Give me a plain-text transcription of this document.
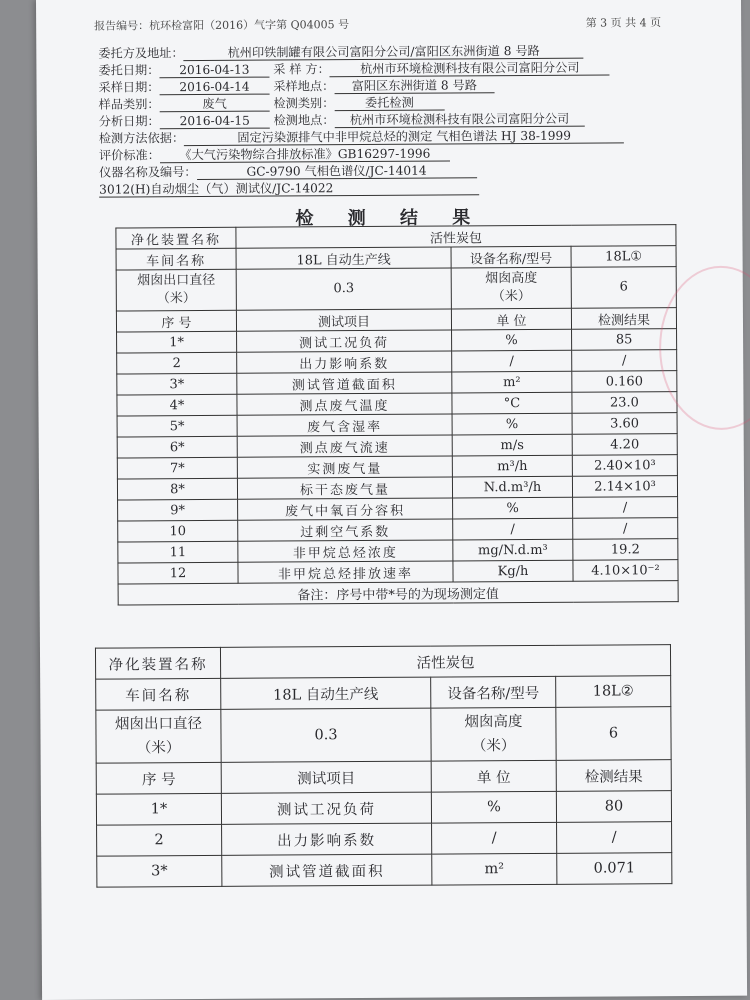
报告编号：杭环检富阳（2016）气字第 Q04005 号	第 3 页 共 4 页
委托方及地址：	杭州印铁制罐有限公司富阳分公司/富阳区东洲街道 8 号路
委托日期： 2016-04-13 采 样 方： 杭州市环境检测科技有限公司富阳分公司
采样日期： 2016-04-14 采样地点： 富阳区东洲街道 8 号路
样品类别：	废气	检测类别：	委托检测
分析日期： 2016-04-15 检测地点： 杭州市环境检测科技有限公司富阳分公司
检测方法依据：	固定污染源排气中非甲烷总烃的测定 气相色谱法 HJ 38-1999
评价标准： 《大气污染物综合排放标准》GB16297-1996
仪器名称及编号：	GC-9790 气相色谱仪/JC-14014
3012(H)自动烟尘（气）测试仪/JC-14022
检 测 结 果
净化装置名称	活性炭包		
车间名称	18L 自动生产线	设备名称/型号	18L①
烟囱出口直径
（米）	0.3	烟囱高度
（米）	6
序 号	测试项目	单 位	检测结果
1*	测试工况负荷	%	85
2	出力影响系数	/	/
3*	测试管道截面积	m²	0.160
4*	测点废气温度	°C	23.0
5*	废气含湿率	%	3.60
6*	测点废气流速	m/s	4.20
7*	实测废气量	m³/h	2.40×10³
8*	标干态废气量	N.d.m³/h	2.14×10³
9*	废气中氧百分容积	%	/
10	过剩空气系数	/	/
11	非甲烷总烃浓度	mg/N.d.m³	19.2
12	非甲烷总烃排放速率	Kg/h	4.10×10⁻²
备注：序号中带*号的为现场测定值			
净化装置名称	活性炭包		
车间名称	18L 自动生产线	设备名称/型号	18L②
烟囱出口直径
（米）	0.3	烟囱高度
（米）	6
序 号	测试项目	单 位	检测结果
1*	测试工况负荷	%	80
2	出力影响系数	/	/
3*	测试管道截面积	m²	0.071
